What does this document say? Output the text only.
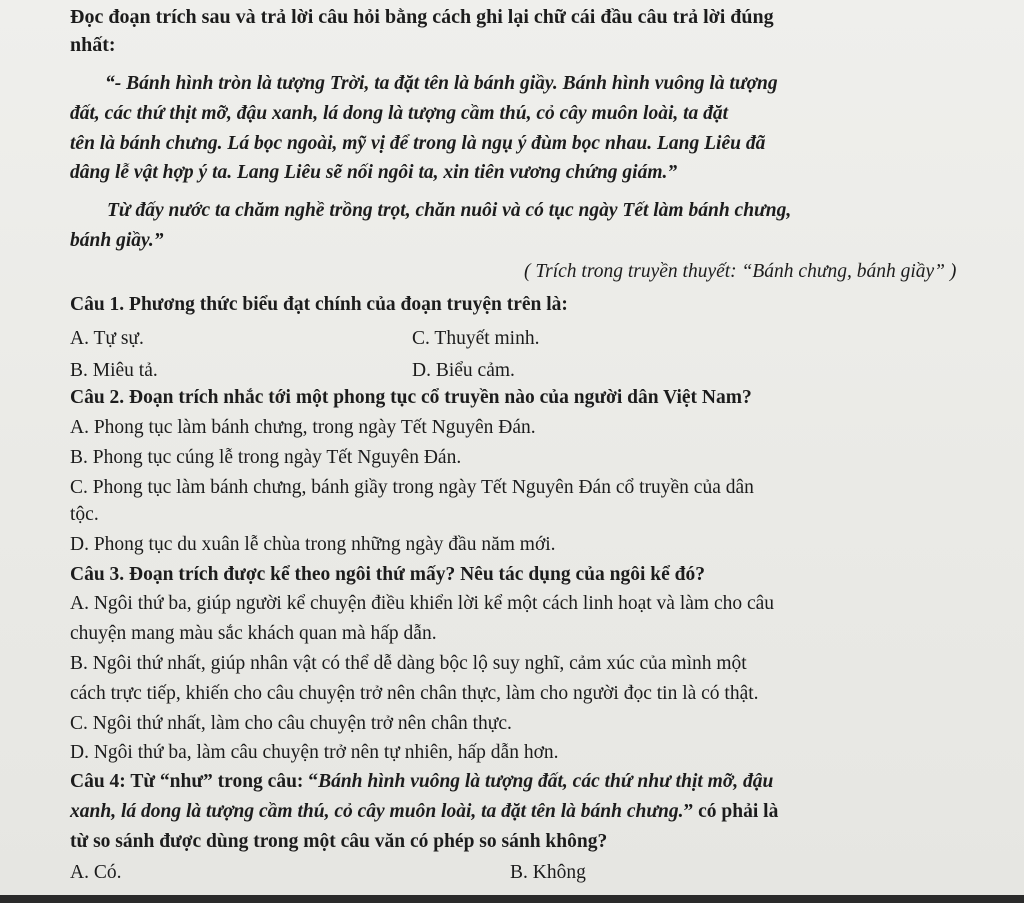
Đọc đoạn trích sau và trả lời câu hỏi bằng cách ghi lại chữ cái đầu câu trả lời đúng
nhất:
“- Bánh hình tròn là tượng Trời, ta đặt tên là bánh giầy. Bánh hình vuông là tượng
đất, các thứ thịt mỡ, đậu xanh, lá dong là tượng cầm thú, cỏ cây muôn loài, ta đặt
tên là bánh chưng. Lá bọc ngoài, mỹ vị để trong là ngụ ý đùm bọc nhau. Lang Liêu đã
dâng lễ vật hợp ý ta. Lang Liêu sẽ nối ngôi ta, xin tiên vương chứng giám.”
Từ đấy nước ta chăm nghề trồng trọt, chăn nuôi và có tục ngày Tết làm bánh chưng,
bánh giầy.”
( Trích trong truyền thuyết: “Bánh chưng, bánh giầy” )
Câu 1. Phương thức biểu đạt chính của đoạn truyện trên là:
A. Tự sự.	C. Thuyết minh.
B. Miêu tả.	D. Biểu cảm.
Câu 2. Đoạn trích nhắc tới một phong tục cổ truyền nào của người dân Việt Nam?
A. Phong tục làm bánh chưng, trong ngày Tết Nguyên Đán.
B. Phong tục cúng lễ trong ngày Tết Nguyên Đán.
C. Phong tục làm bánh chưng, bánh giầy trong ngày Tết Nguyên Đán cổ truyền của dân
tộc.
D. Phong tục du xuân lễ chùa trong những ngày đầu năm mới.
Câu 3. Đoạn trích được kể theo ngôi thứ mấy? Nêu tác dụng của ngôi kể đó?
A. Ngôi thứ ba, giúp người kể chuyện điều khiển lời kể một cách linh hoạt và làm cho câu
chuyện mang màu sắc khách quan mà hấp dẫn.
B. Ngôi thứ nhất, giúp nhân vật có thể dễ dàng bộc lộ suy nghĩ, cảm xúc của mình một
cách trực tiếp, khiến cho câu chuyện trở nên chân thực, làm cho người đọc tin là có thật.
C. Ngôi thứ nhất, làm cho câu chuyện trở nên chân thực.
D. Ngôi thứ ba, làm câu chuyện trở nên tự nhiên, hấp dẫn hơn.
Câu 4: Từ “như” trong câu: “Bánh hình vuông là tượng đất, các thứ như thịt mỡ, đậu
xanh, lá dong là tượng cầm thú, cỏ cây muôn loài, ta đặt tên là bánh chưng.” có phải là
từ so sánh được dùng trong một câu văn có phép so sánh không?
A. Có.	B. Không
